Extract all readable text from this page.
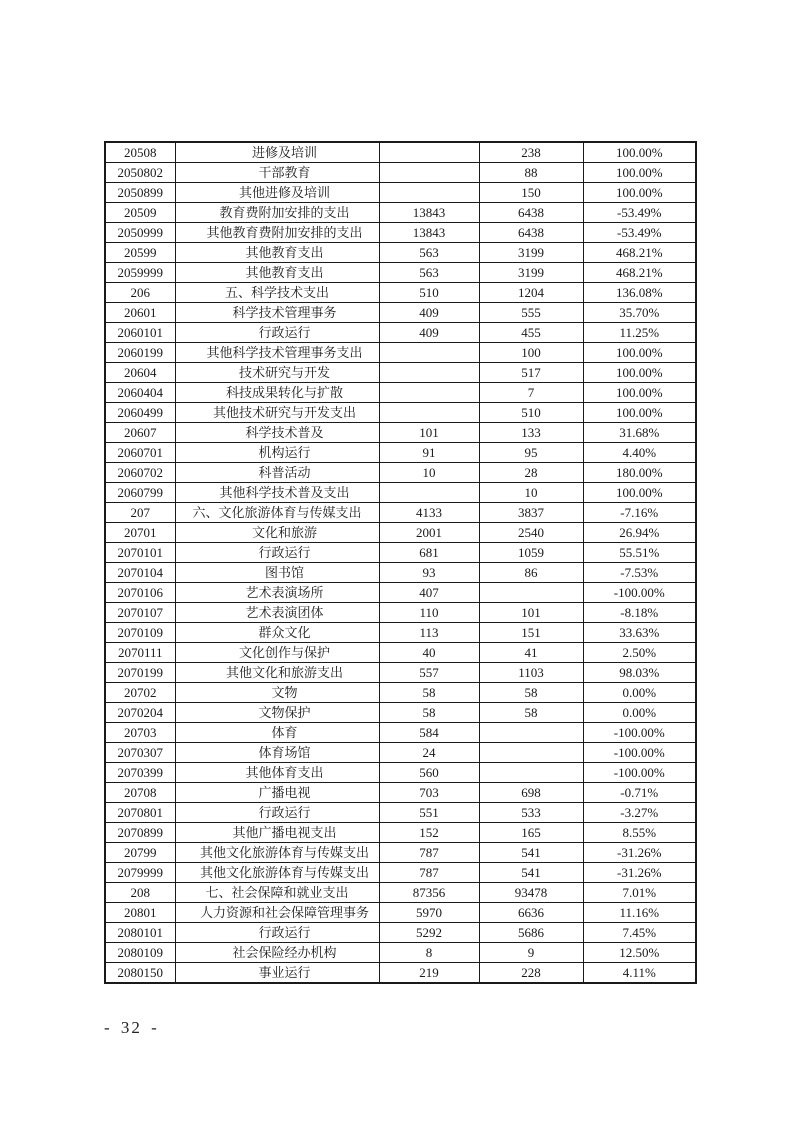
20508	进修及培训		238	100.00%
2050802	干部教育		88	100.00%
2050899	其他进修及培训		150	100.00%
20509	教育费附加安排的支出	13843	6438	-53.49%
2050999	其他教育费附加安排的支出	13843	6438	-53.49%
20599	其他教育支出	563	3199	468.21%
2059999	其他教育支出	563	3199	468.21%
206	五、科学技术支出	510	1204	136.08%
20601	科学技术管理事务	409	555	35.70%
2060101	行政运行	409	455	11.25%
2060199	其他科学技术管理事务支出		100	100.00%
20604	技术研究与开发		517	100.00%
2060404	科技成果转化与扩散		7	100.00%
2060499	其他技术研究与开发支出		510	100.00%
20607	科学技术普及	101	133	31.68%
2060701	机构运行	91	95	4.40%
2060702	科普活动	10	28	180.00%
2060799	其他科学技术普及支出		10	100.00%
207	六、文化旅游体育与传媒支出	4133	3837	-7.16%
20701	文化和旅游	2001	2540	26.94%
2070101	行政运行	681	1059	55.51%
2070104	图书馆	93	86	-7.53%
2070106	艺术表演场所	407		-100.00%
2070107	艺术表演团体	110	101	-8.18%
2070109	群众文化	113	151	33.63%
2070111	文化创作与保护	40	41	2.50%
2070199	其他文化和旅游支出	557	1103	98.03%
20702	文物	58	58	0.00%
2070204	文物保护	58	58	0.00%
20703	体育	584		-100.00%
2070307	体育场馆	24		-100.00%
2070399	其他体育支出	560		-100.00%
20708	广播电视	703	698	-0.71%
2070801	行政运行	551	533	-3.27%
2070899	其他广播电视支出	152	165	8.55%
20799	其他文化旅游体育与传媒支出	787	541	-31.26%
2079999	其他文化旅游体育与传媒支出	787	541	-31.26%
208	七、社会保障和就业支出	87356	93478	7.01%
20801	人力资源和社会保障管理事务	5970	6636	11.16%
2080101	行政运行	5292	5686	7.45%
2080109	社会保险经办机构	8	9	12.50%
2080150	事业运行	219	228	4.11%
- 32 -
